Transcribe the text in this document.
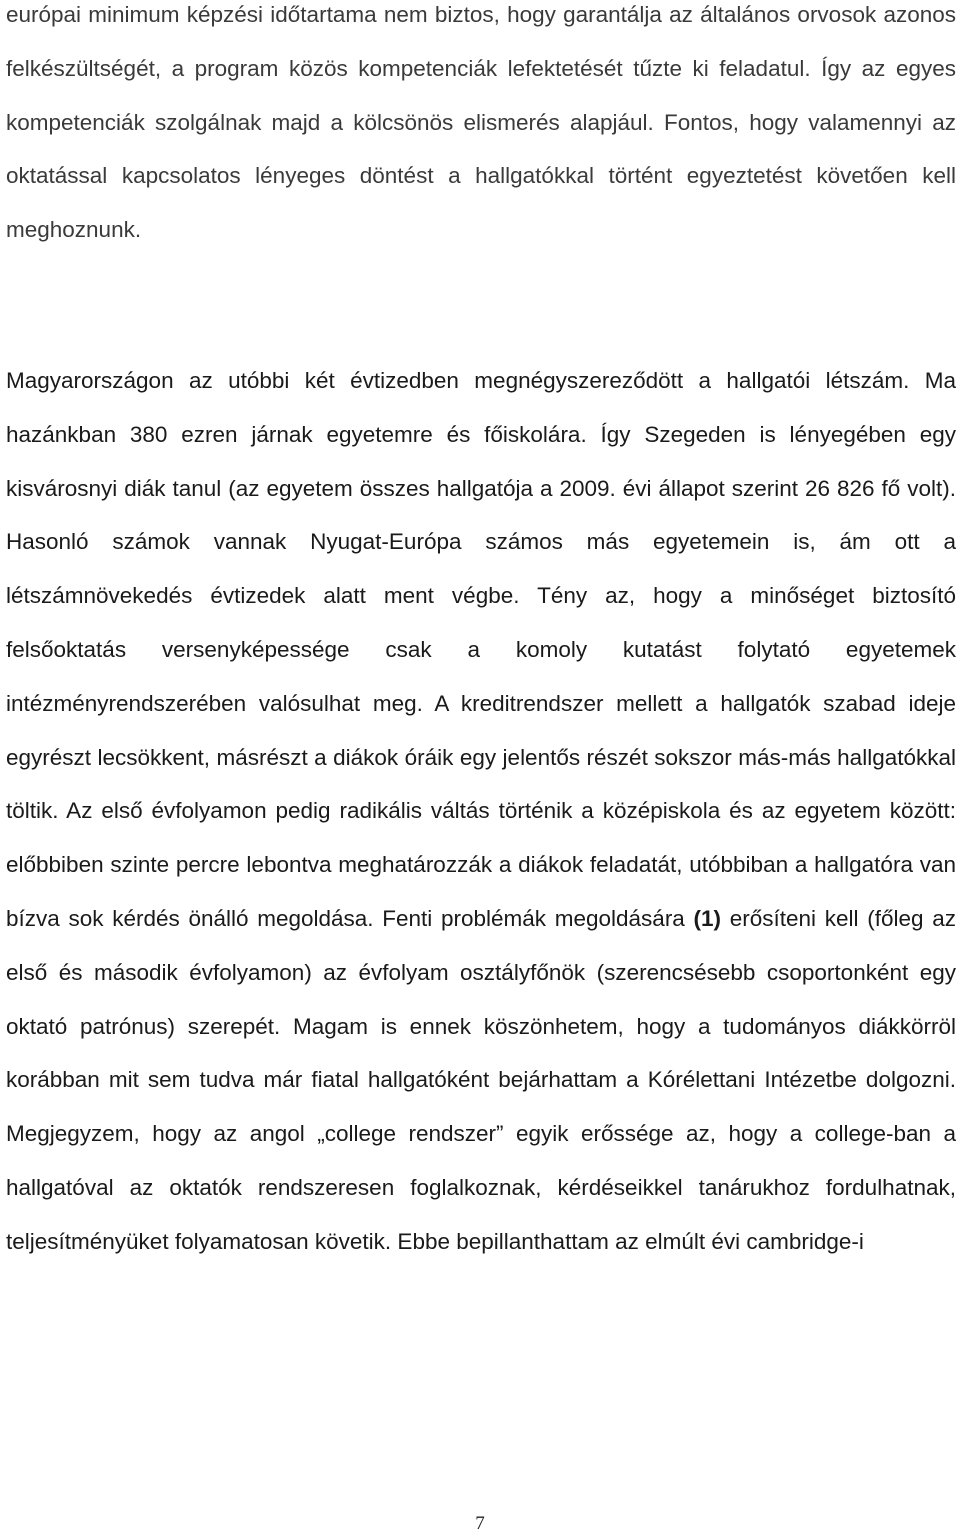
európai minimum képzési időtartama nem biztos, hogy garantálja az általános orvosok azonos felkészültségét, a program közös kompetenciák lefektetését tűzte ki feladatul. Így az egyes kompetenciák szolgálnak majd a kölcsönös elismerés alapjául. Fontos, hogy valamennyi az oktatással kapcsolatos lényeges döntést a hallgatókkal történt egyeztetést követően kell meghoznunk.

Magyarországon az utóbbi két évtizedben megnégyszereződött a hallgatói létszám. Ma hazánkban 380 ezren járnak egyetemre és főiskolára. Így Szegeden is lényegében egy kisvárosnyi diák tanul (az egyetem összes hallgatója a 2009. évi állapot szerint 26 826 fő volt). Hasonló számok vannak Nyugat-Európa számos más egyetemein is, ám ott a létszámnövekedés évtizedek alatt ment végbe. Tény az, hogy a minőséget biztosító felsőoktatás versenyképessége csak a komoly kutatást folytató egyetemek intézményrendszerében valósulhat meg. A kreditrendszer mellett a hallgatók szabad ideje egyrészt lecsökkent, másrészt a diákok óráik egy jelentős részét sokszor más-más hallgatókkal töltik. Az első évfolyamon pedig radikális váltás történik a középiskola és az egyetem között: előbbiben szinte percre lebontva meghatározzák a diákok feladatát, utóbbiban a hallgatóra van bízva sok kérdés önálló megoldása. Fenti problémák megoldására (1) erősíteni kell (főleg az első és második évfolyamon) az évfolyam osztályfőnök (szerencsésebb csoportonként egy oktató patrónus) szerepét. Magam is ennek köszönhetem, hogy a tudományos diákkörröl korábban mit sem tudva már fiatal hallgatóként bejárhattam a Kórélettani Intézetbe dolgozni. Megjegyzem, hogy az angol „college rendszer” egyik erőssége az, hogy a college-ban a hallgatóval az oktatók rendszeresen foglalkoznak, kérdéseikkel tanárukhoz fordulhatnak, teljesítményüket folyamatosan követik. Ebbe bepillanthattam az elmúlt évi cambridge-i

7
